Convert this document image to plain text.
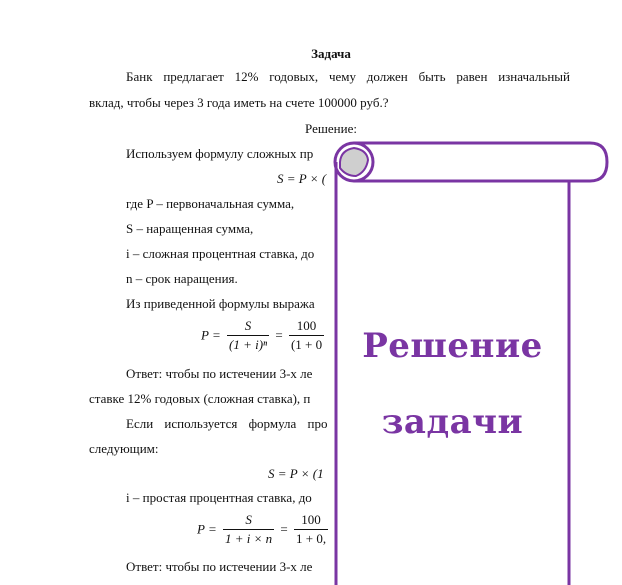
Задача
Банк предлагает 12% годовых, чему должен быть равен изначальный
вклад, чтобы через 3 года иметь на счете 100000 руб.?
Решение:
Используем формулу сложных пр
S = P × (
где P – первоначальная сумма,
S – наращенная сумма,
i – сложная процентная ставка, до
n – срок наращения.
Из приведенной формулы выража
$P = \frac{S}{\text{(1 + i)ⁿ}} = \frac{100}{(1 + 0}$
Ответ: чтобы по истечении 3-х ле
ставке 12% годовых (сложная ставка), п
Если используется формула про
следующим:
S = P × (1
i – простая процентная ставка, до
$P = \frac{S}{1 + i \times n} = \frac{100}{1 + 0,}$
Ответ: чтобы по истечении 3-х ле
Решение
задачи
